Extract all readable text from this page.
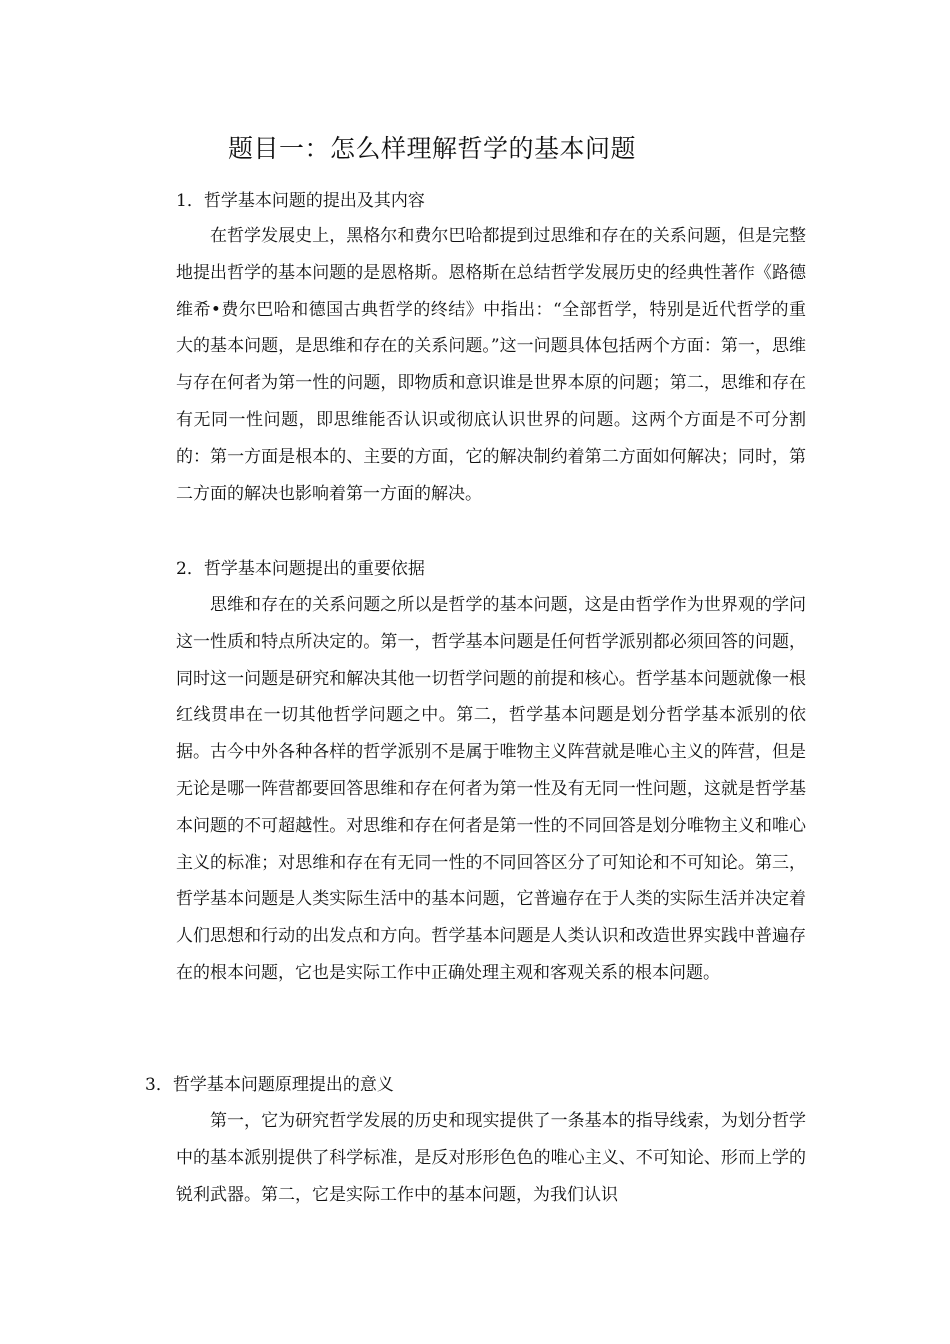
题目一：怎么样理解哲学的基本问题
1．哲学基本问题的提出及其内容

在哲学发展史上，黑格尔和费尔巴哈都提到过思维和存在的关系问题，但是完整地提出哲学的基本问题的是恩格斯。恩格斯在总结哲学发展历史的经典性著作《路德维希•费尔巴哈和德国古典哲学的终结》中指出：“全部哲学，特别是近代哲学的重大的基本问题，是思维和存在的关系问题。”这一问题具体包括两个方面：第一，思维与存在何者为第一性的问题，即物质和意识谁是世界本原的问题；第二，思维和存在有无同一性问题，即思维能否认识或彻底认识世界的问题。这两个方面是不可分割的：第一方面是根本的、主要的方面，它的解决制约着第二方面如何解决；同时，第二方面的解决也影响着第一方面的解决。

2．哲学基本问题提出的重要依据

思维和存在的关系问题之所以是哲学的基本问题，这是由哲学作为世界观的学问这一性质和特点所决定的。第一，哲学基本问题是任何哲学派别都必须回答的问题，同时这一问题是研究和解决其他一切哲学问题的前提和核心。哲学基本问题就像一根红线贯串在一切其他哲学问题之中。第二，哲学基本问题是划分哲学基本派别的依据。古今中外各种各样的哲学派别不是属于唯物主义阵营就是唯心主义的阵营，但是无论是哪一阵营都要回答思维和存在何者为第一性及有无同一性问题，这就是哲学基本问题的不可超越性。对思维和存在何者是第一性的不同回答是划分唯物主义和唯心主义的标准；对思维和存在有无同一性的不同回答区分了可知论和不可知论。第三，哲学基本问题是人类实际生活中的基本问题，它普遍存在于人类的实际生活并决定着人们思想和行动的出发点和方向。哲学基本问题是人类认识和改造世界实践中普遍存在的根本问题，它也是实际工作中正确处理主观和客观关系的根本问题。

3．哲学基本问题原理提出的意义

第一，它为研究哲学发展的历史和现实提供了一条基本的指导线索，为划分哲学中的基本派别提供了科学标准，是反对形形色色的唯心主义、不可知论、形而上学的锐利武器。第二，它是实际工作中的基本问题，为我们认识
